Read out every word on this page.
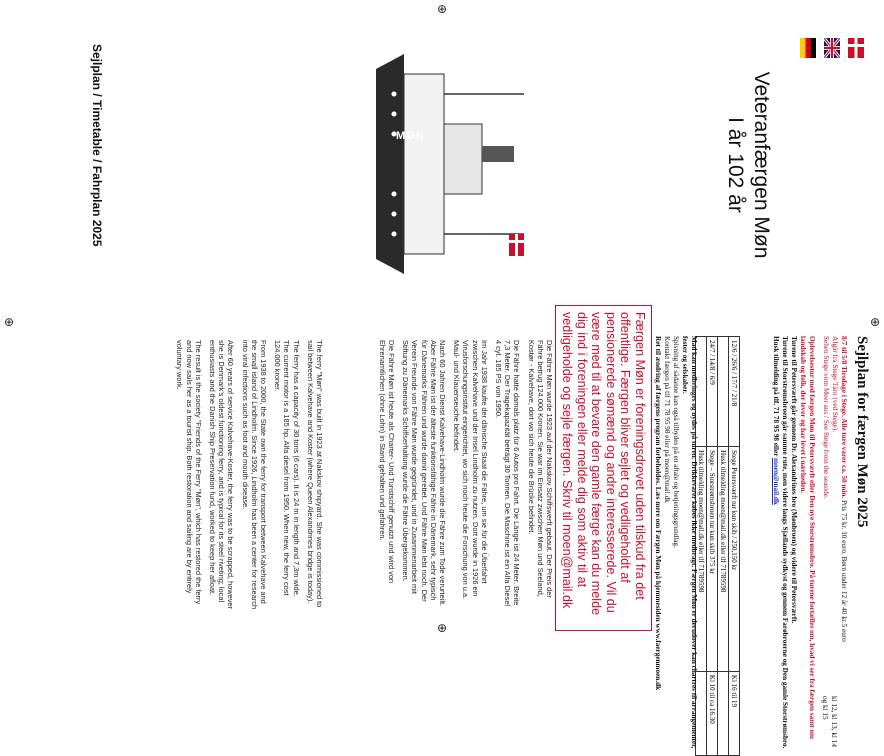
⊕	⊕
⊕
⊕
Veteranfærgen Møn
I år 102 år
Sejlplan / Timetable / Fahrplan 2025	MØN
Sejlplan for færgen Møn 2025
8/7 til 5/8 Tirsdage i Stege. Alle ture varer ca. 50 min. Pris 75 kr. 10 euro. Børn under 12 år 40 kr.5 euro
Afgår fra Stege Tårn (ved Stege).
Sehen Stege vom Meer aus / See Stege from the seaside.
kl 12, kl 13, kl 14 og kl 15
Oplevelsestur med færgen Møn til Petersværft eller Den nye Storstrømsbro. På turene fortælles om, hvad vi ser fra færgen samt om landskab og folk, der lever og har levet i nærheden.
Turene til Petersværft går gennem Dr. Alexandrines bro (Mønbroen) og videre til Petersværft.
Turene til Storstrømsbroen går samme rute, men videre langs Sjællands sydkyst og gennem Farøbroerne og Den gamle Storstrømsbro.
Husk tilmelding på tlf. 71 78 95 98 eller moen@mail.dk
12/6 / 26/6 / 17/7 / 21/8	Stege Petersværft tur kun skib / 250,150 kr	Kl 16 til 19
	Husk tilmelding moen@mail.dk eller tlf 71789598	
24/7 / 14/8 / 6/9	Stege – Storstrømsbroen tur kun skib 375 kr	Kl 10 til ca 16.30
	Husk tilmelding moen@mail.dk eller tlf 71789598	
Mad kan medbringes og nydes på turen. Drikkevarer købes ikke medbragt. Færgen Møn er derudover kan chartres til arrangementer, fester og selskaber.
Spisning af sådanne kan også tilbydes på en aftale og betjeningsgrundlag.
Kontakt færgen på tlf 71 78 95 98 eller på moen@mail.dk
Ret til ændring af færgens program forbeholdes. Læs mere om Færgen Møn på hjemmesiden www.faergenmoen.dk
Færgen Møn er foreningsdrevet uden tilskud fra det offentlige. Færgen bliver sejlet og vedligeholdt af pensionerede sømænd og andre interesserede. Vil du være med til at bevare den gamle færge kan du melde dig ind i foreningen eller melde dig som aktiv til at vedligeholde og sejle færgen. Skriv til moen@mail.dk

Die Fähre Møn wurde 1923 auf der Nakskov Schiffswerft gebaut. Der Preis der Fähre betrug 124.000 Kronen. Sie war im Einsatz zwischen Møn und Seeland, Kostør - Kalvehave, dort wo sich heute die Brücke befindet.

Die Fähre hatte damals platz für 6 Autos pro Fahrt. Die Länge ist 24 Meter. Breite 7,3 Meter. Der Tragekapazität beträgt 30 Tonnen. Die Maschine ist ein Alfa Diesel 4 cyl. 185 PS von 1950.

Im Jahr 1938 kaufte der dänische Staat die Fähre, um sie für die Überfahrt zwischen Kalvehave und der Insel Lindholm zu nutzen. Dort wurde in 1926 ein Virusforschungsinstitut eingerichtet, wo sich noch heute die Forschung von u.a. Maul- und Klauenseuche befindet.

Nach 60 Jahren Dienst Kalvehave-Lindholm wurde die Fähre zum Tode verurteilt. Aber Fähre Møn ist der älteste funktionsfähige Fähre in Dänemark, sehr typisch für Dänemarks Fähren und wurde damit gerettet. Und Fähre Møn lebt noch. Der Verein Freunde von Fähre Møn wurde gegründet, und in Zusammenarbeit mit Stiftung zu Dänemarks Schiffserhaltung wurde die Fähre Übergekommen.

Die Fähre Møn ist heute als Charter- Und Turistschiff genutzt und wird von Ehrenamtlichen (ohne Lohn) in Stand gehalten und gefahren.

The ferry "Møn" was built in 1923 at Nakskov shipyard. She was commissioned to sail between Kalvehave and Koster (where Queen Alexandrines bridge is today).

The ferry has a capacity of 30 tons (6 cars). It is 24 m in length and 7,3m wide. The current motor is a 185 hp, Alfa diesel from 1950. When new, the ferry cost 124.000 kroner.

From 1938 to 2000, the State own the ferry for transport between Kalvehave and the small island of Lindholm. Since 1926, Lindholm has been a center for research into viral infections such as foot and mouth disease.

After 60 years of service Kalvehave-Koster, the ferry was to be scrapped, however she is Denmark's oldest functioning ferry, and is typical for its steel riveting; local enthusiasts and the Danish Ship Preservation fund, worked to keep her afloat.

The result is the society "Friends of the Ferry "Møn", which has restored the ferry and now sails her as a tourist ship. Both restoration and sailing are by entirely voluntary work.
